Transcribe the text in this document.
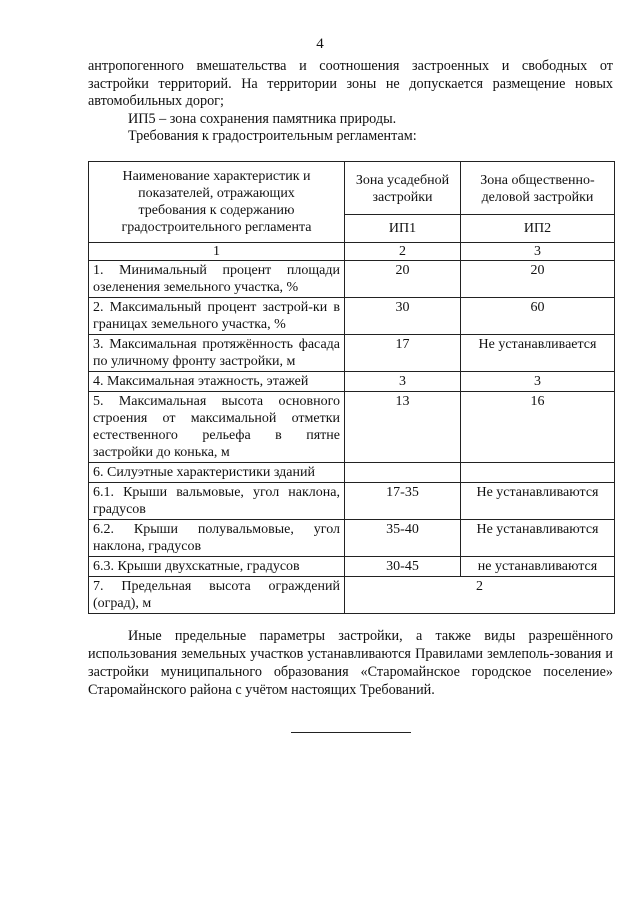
4

антропогенного вмешательства и соотношения застроенных и свободных от застройки территорий. На территории зоны не допускается размещение новых автомобильных дорог;

ИП5 – зона сохранения памятника природы.

Требования к градостроительным регламентам:

Наименование характеристик и показателей, отражающих требования к содержанию градостроительного регламента	Зона усадебной застройки	Зона общественно-деловой застройки
	ИП1	ИП2
1	2	3
1. Минимальный процент площади озеленения земельного участка, %	20	20
2. Максимальный процент застрой-ки в границах земельного участка, %	30	60
3. Максимальная протяжённость фасада по уличному фронту застройки, м	17	Не устанавливается
4. Максимальная этажность, этажей	3	3
5. Максимальная высота основного строения от максимальной отметки естественного рельефа в пятне застройки до конька, м	13	16
6. Силуэтные характеристики зданий		
6.1. Крыши вальмовые, угол наклона, градусов	17-35	Не устанавливаются
6.2. Крыши полувальмовые, угол наклона, градусов	35-40	Не устанавливаются
6.3. Крыши двухскатные, градусов	30-45	не устанавливаются
7. Предельная высота ограждений (оград), м	2	

Иные предельные параметры застройки, а также виды разрешённого использования земельных участков устанавливаются Правилами землеполь-зования и застройки муниципального образования «Старомайнское городское поселение» Старомайнского района с учётом настоящих Требований.
